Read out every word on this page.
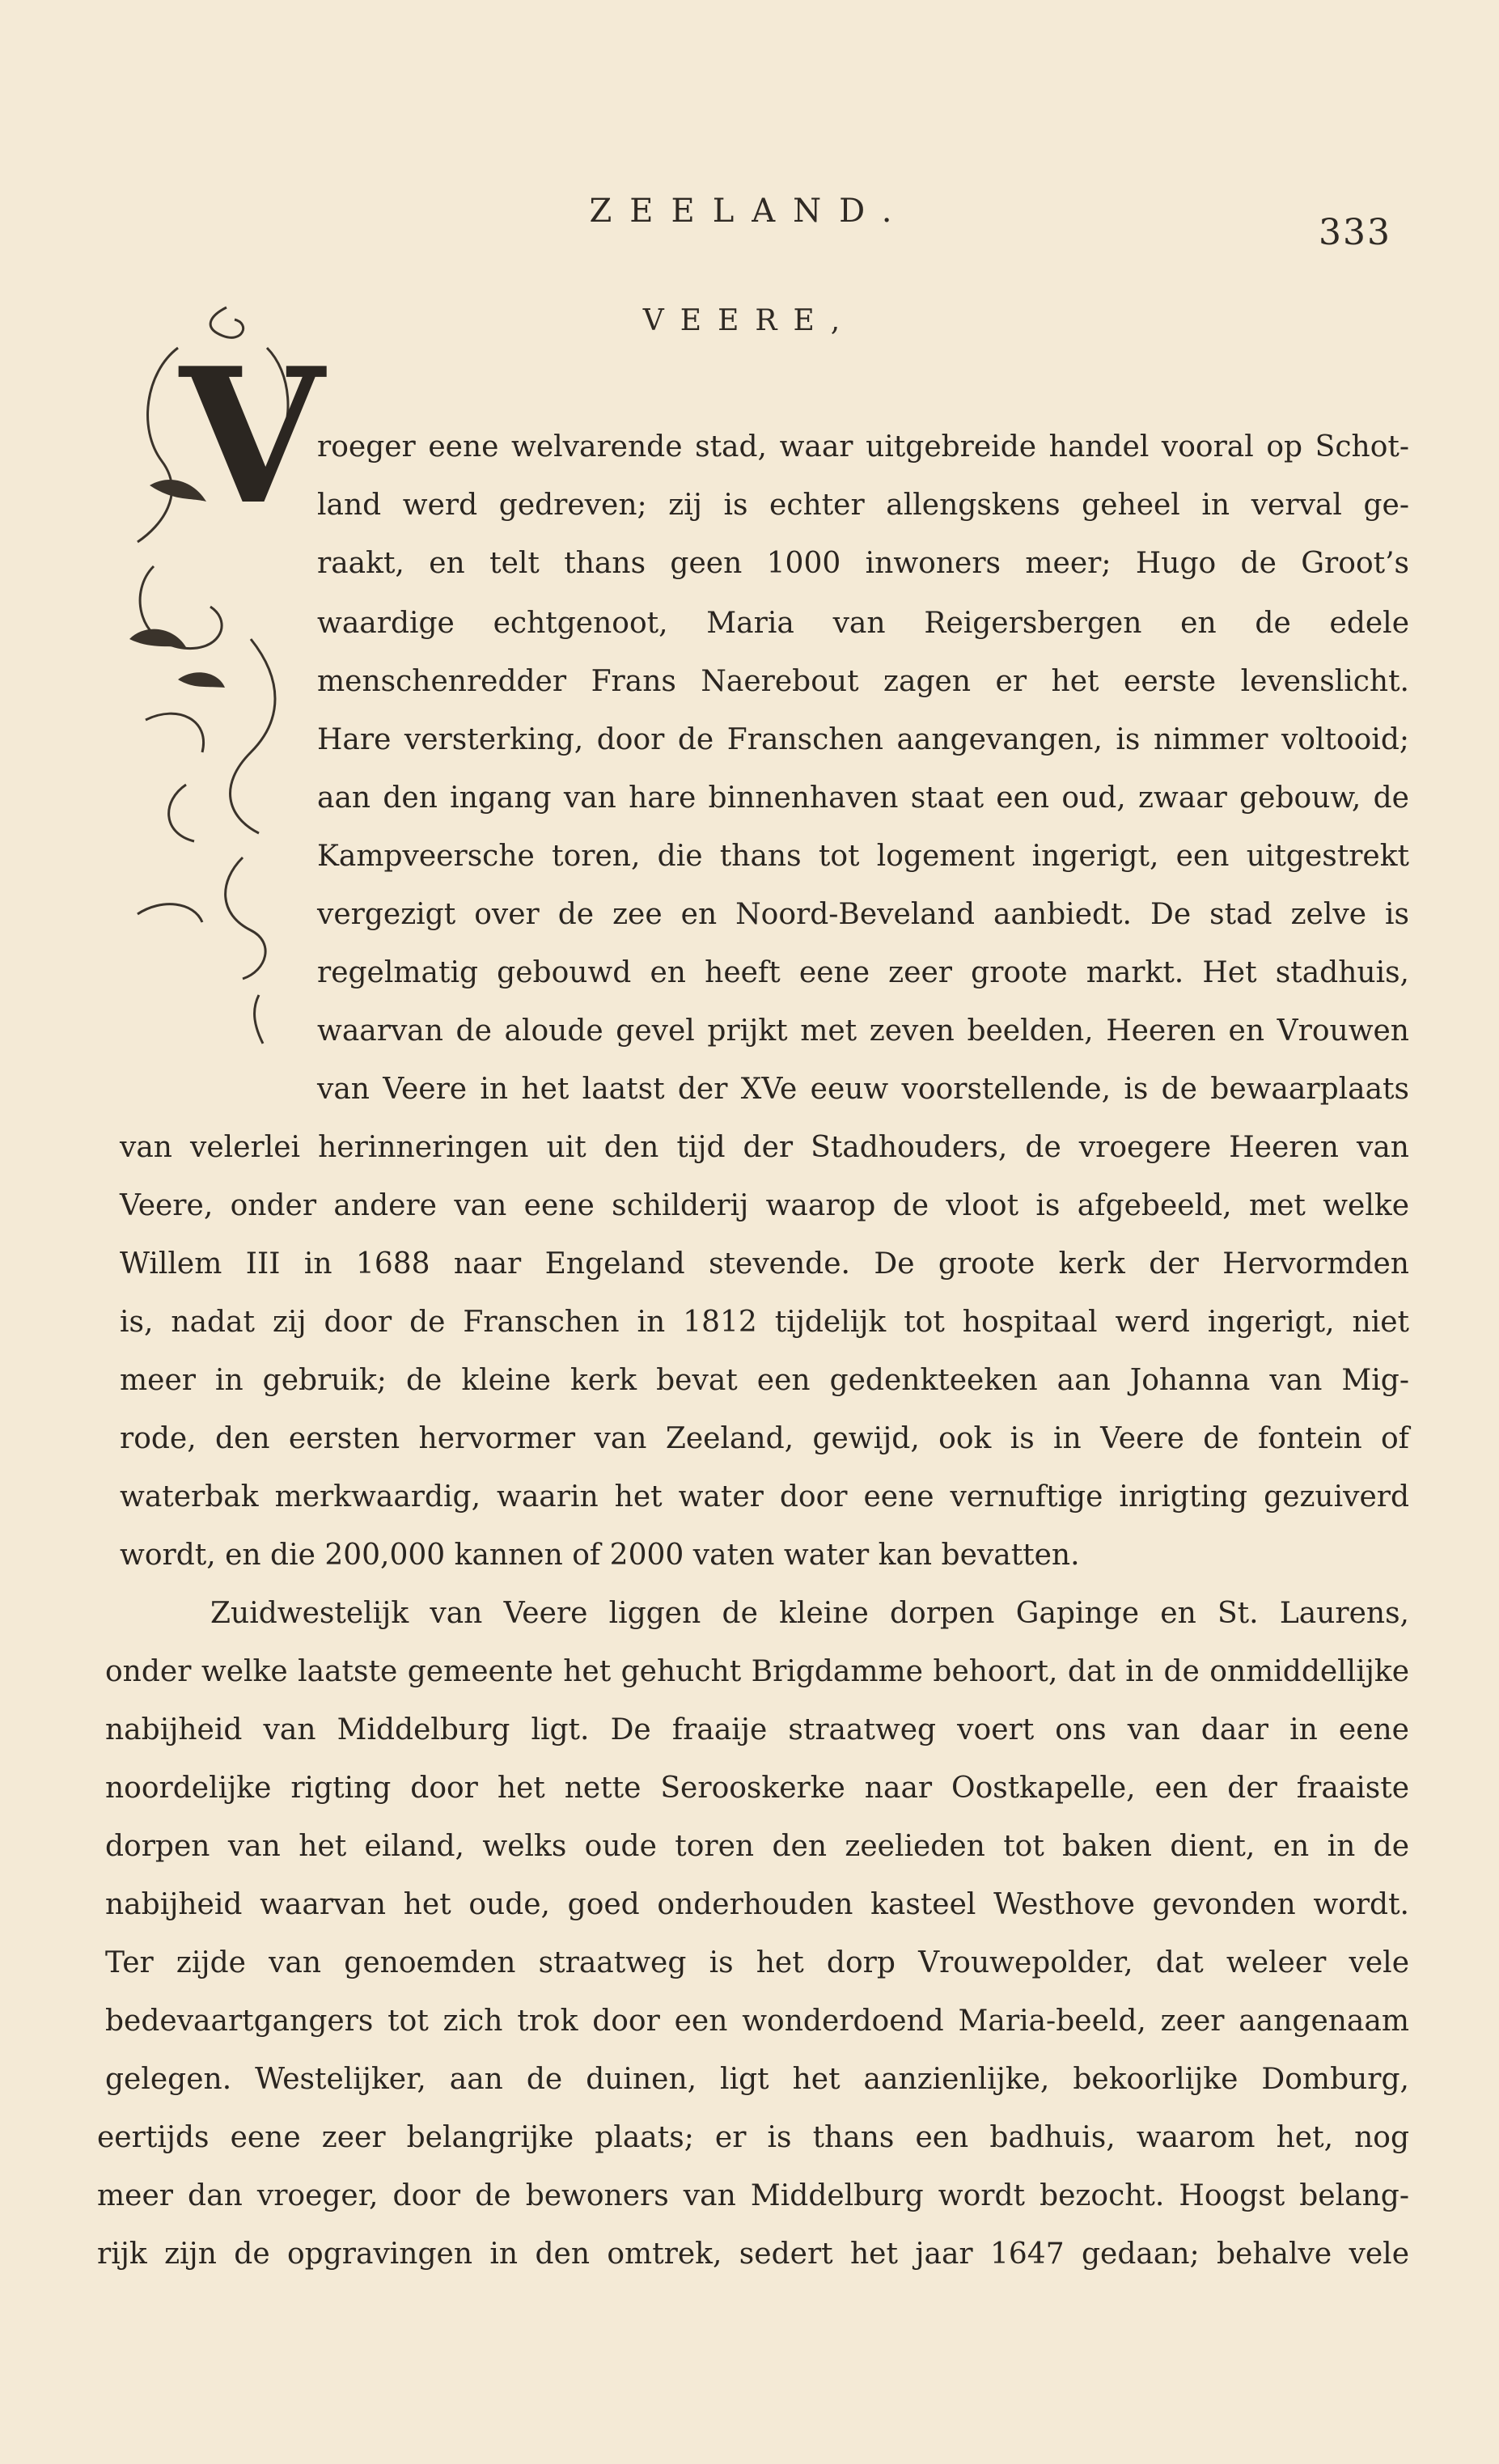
ZEELAND.
333
VEERE,
V
roeger eene welvarende stad, waar uitgebreide handel vooral op Schot-
land werd gedreven; zij is echter allengskens geheel in verval ge-
raakt, en telt thans geen 1000 inwoners meer; Hugo de Groot’s
waardige echtgenoot, Maria van Reigersbergen en de edele
menschenredder Frans Naerebout zagen er het eerste levenslicht.
Hare versterking, door de Franschen aangevangen, is nimmer voltooid;
aan den ingang van hare binnenhaven staat een oud, zwaar gebouw, de
Kampveersche toren, die thans tot logement ingerigt, een uitgestrekt
vergezigt over de zee en Noord-Beveland aanbiedt. De stad zelve is
regelmatig gebouwd en heeft eene zeer groote markt. Het stadhuis,
waarvan de aloude gevel prijkt met zeven beelden, Heeren en Vrouwen
van Veere in het laatst der XVe eeuw voorstellende, is de bewaarplaats
van velerlei herinneringen uit den tijd der Stadhouders, de vroegere Heeren van
Veere, onder andere van eene schilderij waarop de vloot is afgebeeld, met welke
Willem III in 1688 naar Engeland stevende. De groote kerk der Hervormden
is, nadat zij door de Franschen in 1812 tijdelijk tot hospitaal werd ingerigt, niet
meer in gebruik; de kleine kerk bevat een gedenkteeken aan Johanna van Mig-
rode, den eersten hervormer van Zeeland, gewijd, ook is in Veere de fontein of
waterbak merkwaardig, waarin het water door eene vernuftige inrigting gezuiverd
wordt, en die 200,000 kannen of 2000 vaten water kan bevatten.
Zuidwestelijk van Veere liggen de kleine dorpen Gapinge en St. Laurens,
onder welke laatste gemeente het gehucht Brigdamme behoort, dat in de onmiddellijke
nabijheid van Middelburg ligt. De fraaije straatweg voert ons van daar in eene
noordelijke rigting door het nette Serooskerke naar Oostkapelle, een der fraaiste
dorpen van het eiland, welks oude toren den zeelieden tot baken dient, en in de
nabijheid waarvan het oude, goed onderhouden kasteel Westhove gevonden wordt.
Ter zijde van genoemden straatweg is het dorp Vrouwepolder, dat weleer vele
bedevaartgangers tot zich trok door een wonderdoend Maria-beeld, zeer aangenaam
gelegen. Westelijker, aan de duinen, ligt het aanzienlijke, bekoorlijke Domburg,
eertijds eene zeer belangrijke plaats; er is thans een badhuis, waarom het, nog
meer dan vroeger, door de bewoners van Middelburg wordt bezocht. Hoogst belang-
rijk zijn de opgravingen in den omtrek, sedert het jaar 1647 gedaan; behalve vele
